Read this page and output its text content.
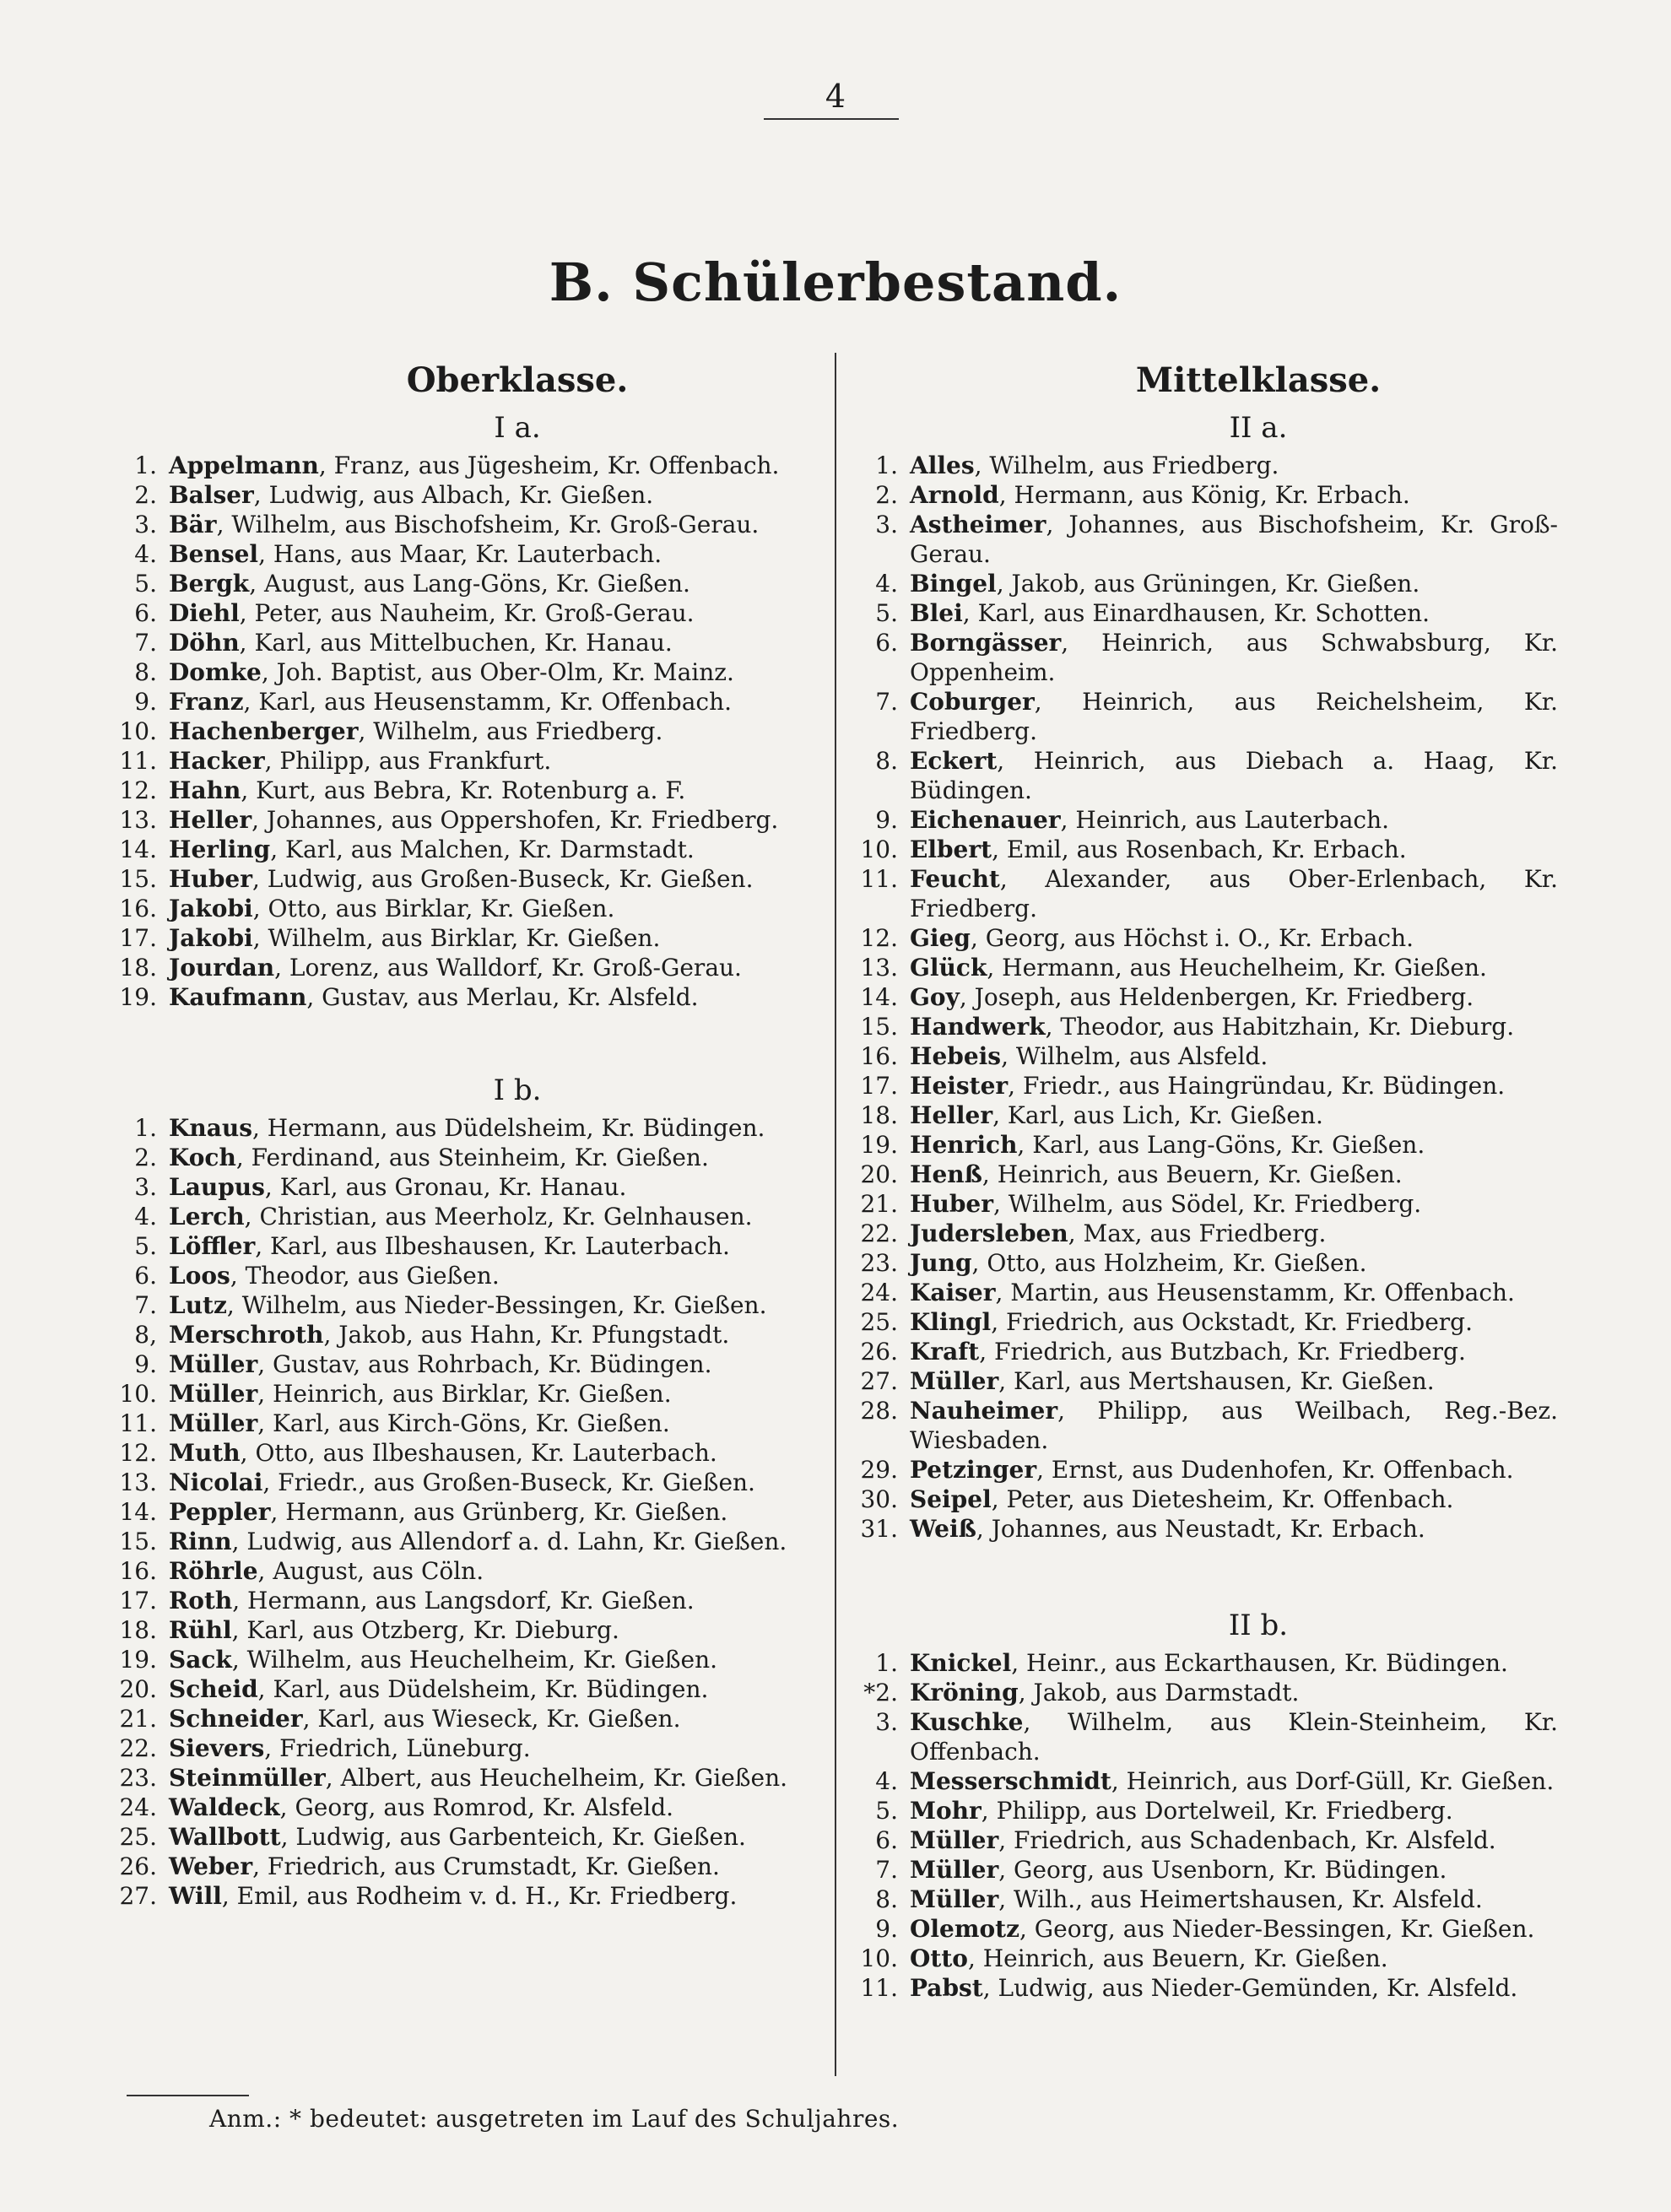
4
B. Schülerbestand.
Oberklasse.
I a.
1. Appelmann, Franz, aus Jügesheim, Kr. Offenbach.
2. Balser, Ludwig, aus Albach, Kr. Gießen.
3. Bär, Wilhelm, aus Bischofsheim, Kr. Groß-Gerau.
4. Bensel, Hans, aus Maar, Kr. Lauterbach.
5. Bergk, August, aus Lang-Göns, Kr. Gießen.
6. Diehl, Peter, aus Nauheim, Kr. Groß-Gerau.
7. Döhn, Karl, aus Mittelbuchen, Kr. Hanau.
8. Domke, Joh. Baptist, aus Ober-Olm, Kr. Mainz.
9. Franz, Karl, aus Heusenstamm, Kr. Offenbach.
10. Hachenberger, Wilhelm, aus Friedberg.
11. Hacker, Philipp, aus Frankfurt.
12. Hahn, Kurt, aus Bebra, Kr. Rotenburg a. F.
13. Heller, Johannes, aus Oppershofen, Kr. Friedberg.
14. Herling, Karl, aus Malchen, Kr. Darmstadt.
15. Huber, Ludwig, aus Großen-Buseck, Kr. Gießen.
16. Jakobi, Otto, aus Birklar, Kr. Gießen.
17. Jakobi, Wilhelm, aus Birklar, Kr. Gießen.
18. Jourdan, Lorenz, aus Walldorf, Kr. Groß-Gerau.
19. Kaufmann, Gustav, aus Merlau, Kr. Alsfeld.
I b.
1. Knaus, Hermann, aus Düdelsheim, Kr. Büdingen.
2. Koch, Ferdinand, aus Steinheim, Kr. Gießen.
3. Laupus, Karl, aus Gronau, Kr. Hanau.
4. Lerch, Christian, aus Meerholz, Kr. Gelnhausen.
5. Löffler, Karl, aus Ilbeshausen, Kr. Lauterbach.
6. Loos, Theodor, aus Gießen.
7. Lutz, Wilhelm, aus Nieder-Bessingen, Kr. Gießen.
8, Merschroth, Jakob, aus Hahn, Kr. Pfungstadt.
9. Müller, Gustav, aus Rohrbach, Kr. Büdingen.
10. Müller, Heinrich, aus Birklar, Kr. Gießen.
11. Müller, Karl, aus Kirch-Göns, Kr. Gießen.
12. Muth, Otto, aus Ilbeshausen, Kr. Lauterbach.
13. Nicolai, Friedr., aus Großen-Buseck, Kr. Gießen.
14. Peppler, Hermann, aus Grünberg, Kr. Gießen.
15. Rinn, Ludwig, aus Allendorf a. d. Lahn, Kr. Gießen.
16. Röhrle, August, aus Cöln.
17. Roth, Hermann, aus Langsdorf, Kr. Gießen.
18. Rühl, Karl, aus Otzberg, Kr. Dieburg.
19. Sack, Wilhelm, aus Heuchelheim, Kr. Gießen.
20. Scheid, Karl, aus Düdelsheim, Kr. Büdingen.
21. Schneider, Karl, aus Wieseck, Kr. Gießen.
22. Sievers, Friedrich, Lüneburg.
23. Steinmüller, Albert, aus Heuchelheim, Kr. Gießen.
24. Waldeck, Georg, aus Romrod, Kr. Alsfeld.
25. Wallbott, Ludwig, aus Garbenteich, Kr. Gießen.
26. Weber, Friedrich, aus Crumstadt, Kr. Gießen.
27. Will, Emil, aus Rodheim v. d. H., Kr. Friedberg.
Mittelklasse.
II a.
1. Alles, Wilhelm, aus Friedberg.
2. Arnold, Hermann, aus König, Kr. Erbach.
3. Astheimer, Johannes, aus Bischofsheim, Kr. Groß-Gerau.
4. Bingel, Jakob, aus Grüningen, Kr. Gießen.
5. Blei, Karl, aus Einardhausen, Kr. Schotten.
6. Borngässer, Heinrich, aus Schwabsburg, Kr. Oppenheim.
7. Coburger, Heinrich, aus Reichelsheim, Kr. Friedberg.
8. Eckert, Heinrich, aus Diebach a. Haag, Kr. Büdingen.
9. Eichenauer, Heinrich, aus Lauterbach.
10. Elbert, Emil, aus Rosenbach, Kr. Erbach.
11. Feucht, Alexander, aus Ober-Erlenbach, Kr. Friedberg.
12. Gieg, Georg, aus Höchst i. O., Kr. Erbach.
13. Glück, Hermann, aus Heuchelheim, Kr. Gießen.
14. Goy, Joseph, aus Heldenbergen, Kr. Friedberg.
15. Handwerk, Theodor, aus Habitzhain, Kr. Dieburg.
16. Hebeis, Wilhelm, aus Alsfeld.
17. Heister, Friedr., aus Haingründau, Kr. Büdingen.
18. Heller, Karl, aus Lich, Kr. Gießen.
19. Henrich, Karl, aus Lang-Göns, Kr. Gießen.
20. Henß, Heinrich, aus Beuern, Kr. Gießen.
21. Huber, Wilhelm, aus Södel, Kr. Friedberg.
22. Judersleben, Max, aus Friedberg.
23. Jung, Otto, aus Holzheim, Kr. Gießen.
24. Kaiser, Martin, aus Heusenstamm, Kr. Offenbach.
25. Klingl, Friedrich, aus Ockstadt, Kr. Friedberg.
26. Kraft, Friedrich, aus Butzbach, Kr. Friedberg.
27. Müller, Karl, aus Mertshausen, Kr. Gießen.
28. Nauheimer, Philipp, aus Weilbach, Reg.-Bez. Wiesbaden.
29. Petzinger, Ernst, aus Dudenhofen, Kr. Offenbach.
30. Seipel, Peter, aus Dietesheim, Kr. Offenbach.
31. Weiß, Johannes, aus Neustadt, Kr. Erbach.
II b.
1. Knickel, Heinr., aus Eckarthausen, Kr. Büdingen.
*2. Kröning, Jakob, aus Darmstadt.
3. Kuschke, Wilhelm, aus Klein-Steinheim, Kr. Offenbach.
4. Messerschmidt, Heinrich, aus Dorf-Güll, Kr. Gießen.
5. Mohr, Philipp, aus Dortelweil, Kr. Friedberg.
6. Müller, Friedrich, aus Schadenbach, Kr. Alsfeld.
7. Müller, Georg, aus Usenborn, Kr. Büdingen.
8. Müller, Wilh., aus Heimertshausen, Kr. Alsfeld.
9. Olemotz, Georg, aus Nieder-Bessingen, Kr. Gießen.
10. Otto, Heinrich, aus Beuern, Kr. Gießen.
11. Pabst, Ludwig, aus Nieder-Gemünden, Kr. Alsfeld.
Anm.: * bedeutet: ausgetreten im Lauf des Schuljahres.
